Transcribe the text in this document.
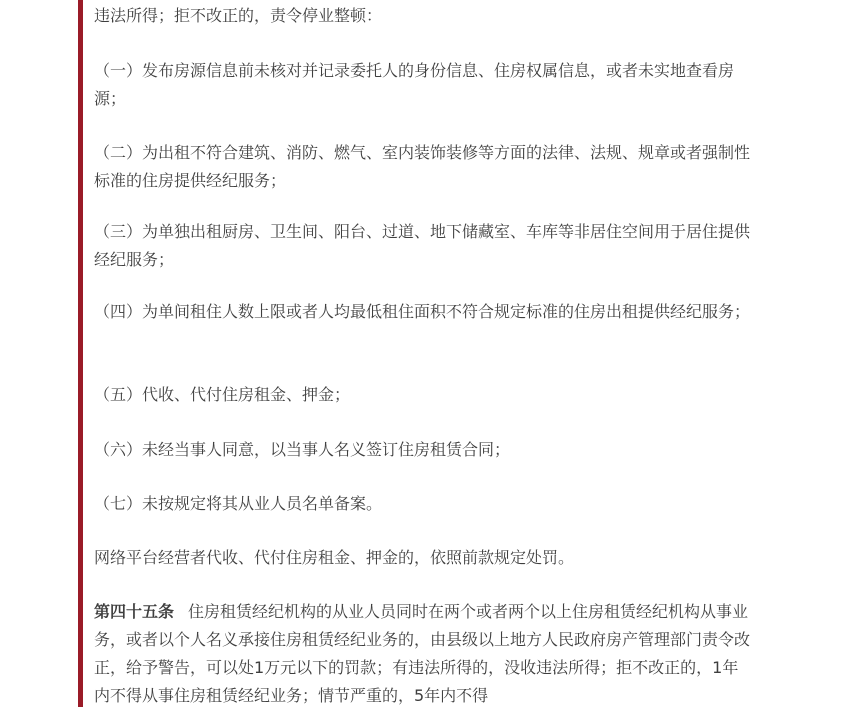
违法所得；拒不改正的，责令停业整顿：

（一）发布房源信息前未核对并记录委托人的身份信息、住房权属信息，或者未实地查看房源；

（二）为出租不符合建筑、消防、燃气、室内装饰装修等方面的法律、法规、规章或者强制性标准的住房提供经纪服务；

（三）为单独出租厨房、卫生间、阳台、过道、地下储藏室、车库等非居住空间用于居住提供经纪服务；

（四）为单间租住人数上限或者人均最低租住面积不符合规定标准的住房出租提供经纪服务；

（五）代收、代付住房租金、押金；

（六）未经当事人同意，以当事人名义签订住房租赁合同；

（七）未按规定将其从业人员名单备案。

网络平台经营者代收、代付住房租金、押金的，依照前款规定处罚。

第四十五条 住房租赁经纪机构的从业人员同时在两个或者两个以上住房租赁经纪机构从事业务，或者以个人名义承接住房租赁经纪业务的，由县级以上地方人民政府房产管理部门责令改正，给予警告，可以处1万元以下的罚款；有违法所得的，没收违法所得；拒不改正的，1年内不得从事住房租赁经纪业务；情节严重的，5年内不得
